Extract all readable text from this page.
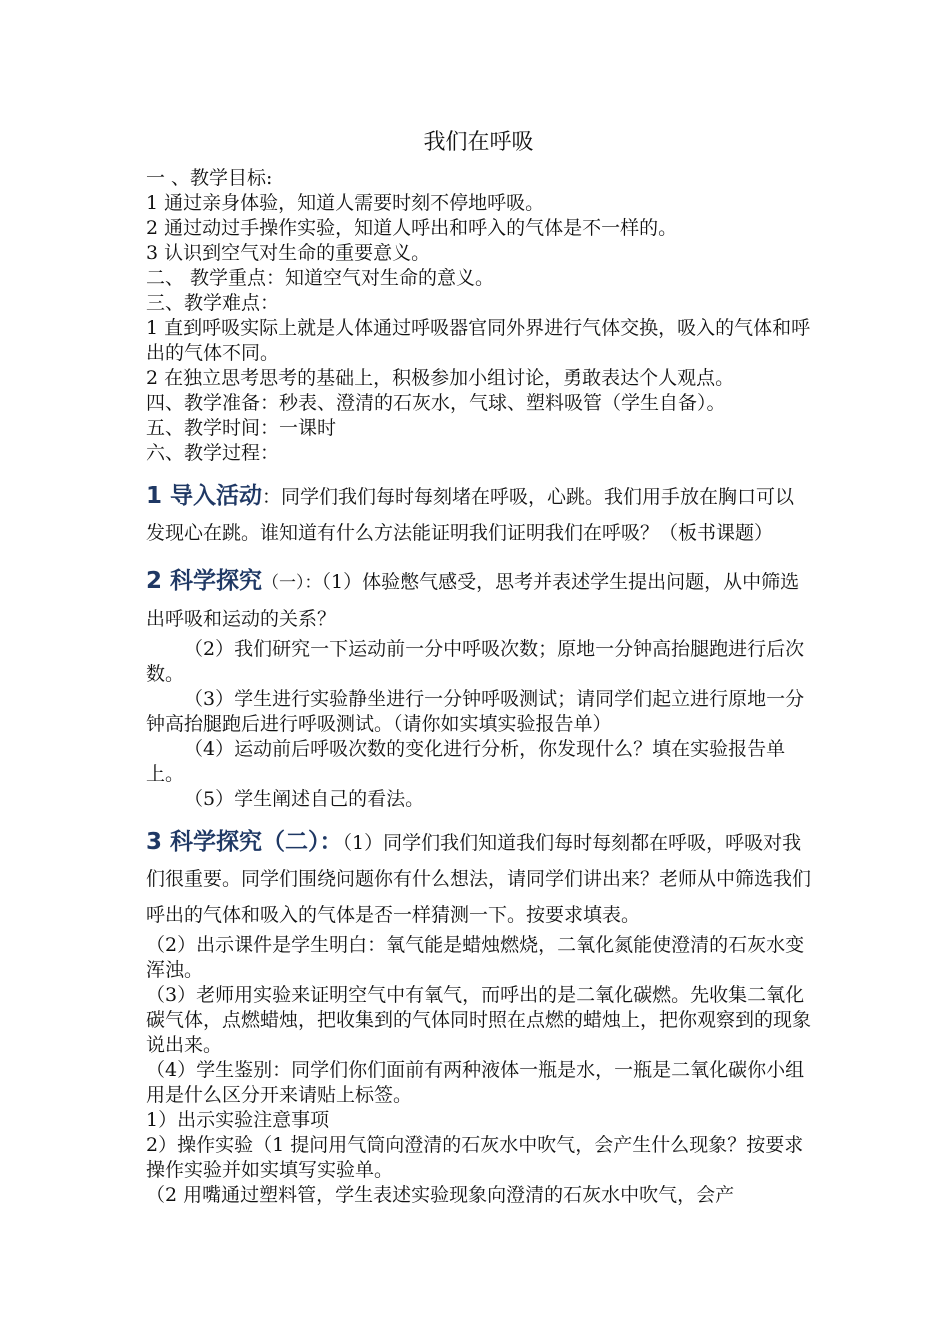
我们在呼吸

一 、教学目标:

1 通过亲身体验，知道人需要时刻不停地呼吸。

2 通过动过手操作实验，知道人呼出和呼入的气体是不一样的。

3 认识到空气对生命的重要意义。

二、 教学重点：知道空气对生命的意义。

三、教学难点：

1 直到呼吸实际上就是人体通过呼吸器官同外界进行气体交换，吸入的气体和呼出的气体不同。

2 在独立思考思考的基础上，积极参加小组讨论，勇敢表达个人观点。

四、教学准备：秒表、澄清的石灰水，气球、塑料吸管（学生自备）。

五、教学时间：一课时

六、教学过程：

1 导入活动：同学们我们每时每刻堵在呼吸，心跳。我们用手放在胸口可以发现心在跳。谁知道有什么方法能证明我们证明我们在呼吸？（板书课题）

2 科学探究（一）：（1）体验憋气感受，思考并表述学生提出问题，从中筛选出呼吸和运动的关系？

（2）我们研究一下运动前一分中呼吸次数；原地一分钟高抬腿跑进行后次数。

（3）学生进行实验静坐进行一分钟呼吸测试；请同学们起立进行原地一分钟高抬腿跑后进行呼吸测试。（请你如实填实验报告单）

（4）运动前后呼吸次数的变化进行分析，你发现什么？填在实验报告单上。

（5）学生阐述自己的看法。

3 科学探究（二）：（1）同学们我们知道我们每时每刻都在呼吸，呼吸对我们很重要。同学们围绕问题你有什么想法，请同学们讲出来？老师从中筛选我们呼出的气体和吸入的气体是否一样猜测一下。按要求填表。

（2）出示课件是学生明白：氧气能是蜡烛燃烧，二氧化氮能使澄清的石灰水变浑浊。

（3）老师用实验来证明空气中有氧气，而呼出的是二氧化碳燃。先收集二氧化碳气体，点燃蜡烛，把收集到的气体同时照在点燃的蜡烛上，把你观察到的现象说出来。

（4）学生鉴别：同学们你们面前有两种液体一瓶是水，一瓶是二氧化碳你小组用是什么区分开来请贴上标签。

1）出示实验注意事项

2）操作实验（1 提问用气筒向澄清的石灰水中吹气，会产生什么现象？按要求操作实验并如实填写实验单。

（2 用嘴通过塑料管，学生表述实验现象向澄清的石灰水中吹气，会产
